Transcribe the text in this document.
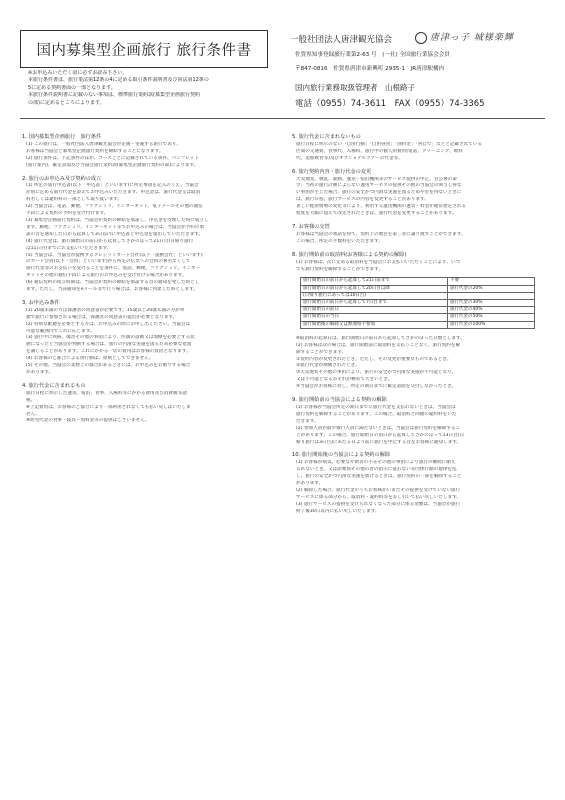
国内募集型企画旅行 旅行条件書
※お申込みいただく前に必ずお読み下さい。
本旅行条件書は、旅行業法第12条の4に定める取引条件説明書及び同法第12条の
5に定める契約書面の一部となります。
本旅行条件説明書に記載のない事項は、標準旅行業約款(募集型企画旅行契約
の部)に定めるところによります。
一般社団法人唐津観光協会	唐津っ子 城様楽輝
佐賀県知事登録旅行業第2-63 号　(一社) 全国旅行業協会会員
〒847-0816　佐賀県唐津市新興町 2935-1　JR唐津駅構内
国内旅行業務取扱管理者　山根路子
電話（0955）74-3611　FAX（0955）74-3365
1. 国内募集型企画旅行　旅行条件
(1) この旅行は、一般社団法人唐津観光協会が企画・実施する旅行であり、
お客様は当協会と募集型企画旅行契約を締結することになります。
(2) 旅行条件は、下記条件のほか、コースごとに記載されている条件、パンフレット
(旅行案内)、確定書面及び当協会旅行業約款(募集型企画旅行契約の部)によります。
2. 旅行のお申込み及び契約の成立
(1) 所定の旅行申込書(以下「申込書」といいます)に所定事項を記入のうえ、当協会
が別に定める旅行代金を添えてお申込みいただきます。申込金は、旅行代金又は取消
料若しくは違約料の一部として取り扱います。
(2) 当協会は、電話、郵便、ファクシミリ、インターネット、電子メールその他の通信
手段による契約の予約を受け付けます。
(3) 募集型企画旅行契約は、当協会が契約の締結を承諾し、申込金を受理した時に成立し
ます。郵便、ファクシミリ、インターネット等でお申込みの場合は、当協会が予約の承
諾の旨を通知した日から起算して3日以内に申込書と申込金を提出していただきます。
(4) 旅行代金は、旅行開始日の前日から起算してさかのぼって21日目(日帰り旅行
は11日目)までにお支払いいただきます。
(5) 当協会は、当協会が提携するクレジットカード会社(以下「提携会社」といいます)
のカード会員(以下「会員」といいます)から所定の伝票への会員の署名なくして
旅行代金等のお支払いを受けることを条件に、電話、郵便、ファクシミリ、インター
ネットその他の通信手段による旅行のお申込みを受け付ける場合があります。
(6) 通信契約の成立時期は、当協会が契約の締結を承諾する旨の通知を発した時とし
ます。ただし、当該通知をeメール等で行う場合は、お客様に到達した時とします。
3. お申込み条件
(1) 20歳未満の方は保護者の同意書が必要です。15歳以上20歳未満の方が単
独で旅行に参加される場合は、保護者の同意書の提出が必要となります。
(2) 特別な配慮を必要とする方は、お申込みの際にお申し出ください。当協会は
可能な範囲内でこれに応じます。
(3) 旅行中に疾病、傷害その他の事由により、医師の診断又は加療を必要とする状
態になったと当協会が判断する場合は、旅行の円滑な実施を図るため必要な措置
を講じることがあります。これにかかる一切の費用はお客様の負担となります。
(4) お客様のご都合による別行動は、原則としてできません。
(5) その他、当協会の業務上の都合があるときには、お申込みをお断りする場合
があります。
4. 旅行代金に含まれるもの
旅行日程に明示した運送、宿泊、食事、入場料等にかかる費用及び消費税等諸
税。
※上記費用は、お客様のご都合により一部利用されなくても払い戻しはいたしま
せん。
※幼児代金の食事・寝具・別料金等の提供はございません。
5. 旅行代金に含まれないもの
旅行日程に明示のない「自由行動」「自由昼食」「別料金」「各自で」などと記載されている
区間の交通費、食事代、入場料、旅行中の個人的費用(電話、クリーニング、飲料
代、追加飲食等)及びオプショナルツアーの代金等。
6. 旅行契約内容・旅行代金の変更
天災地変、戦乱、暴動、運送・宿泊機関等のサービス提供の中止、官公署の命
令、当初の運行計画によらない運送サービスの提供その他の当協会の関与し得な
い事由が生じた場合、旅行の安全かつ円滑な実施を図るためやむを得ないときに
は、旅行日程、旅行サービスの内容を変更することがあります。
著しい経済情勢の変化等により、利用する運送機関の運賃・料金が通常想定される
程度を大幅に超えて改定されたときは、旅行代金を変更することがあります。
7. お客様の交替
お客様は当協会の承諾を得て、契約上の地位を第三者に譲り渡すことができます。
この場合、所定の手数料をいただきます。
8. 旅行開始前の取消料(お客様による契約の解除)
(1) お客様は、次に定める取消料を当協会にお支払いいただくことにより、いつ
でも旅行契約を解除することができます。
旅行開始日の前日から起算して21日前まで	不要
旅行開始日の前日から起算して20日目以降	旅行代金の20%
(日帰り旅行にあっては10日目)	
旅行開始日の前日から起算して7日目まで	旅行代金の30%
旅行開始日の前日	旅行代金の40%
旅行開始日の当日	旅行代金の50%
旅行開始後の解除又は無連絡不参加	旅行代金の100%
※取消料の起算日は、旅行開始日の前日から起算してさかのぼった日数とします。
(2) お客様は次の場合は、旅行開始前に取消料を支払うことなく、旅行契約を解
除することができます。
①契約内容が変更されたとき。ただし、その変更が重要なものであるとき。
②旅行代金が増額されたとき。
③天災地変その他の事由により、旅行の安全かつ円滑な実施が不可能となり、
又は不可能となるおそれが極めて大きいとき。
④当協会がお客様に対し、所定の期日までに確定書面を交付しなかったとき。
9. 旅行開始前の当協会による契約の解除
(1) お客様が当協会所定の期日までに旅行代金を支払わないときは、当協会は
旅行契約を解除することがあります。この場合、取消料と同額の違約料をいた
だきます。
(2) 参加人員が最少催行人員に満たないときは、当協会は旅行契約を解除するこ
とがあります。この場合、旅行開始日の前日から起算してさかのぼって13日目(日
帰り旅行は3日目)にあたる日より前に旅行を中止する旨をお客様に通知します。
10. 旅行開始後の当協会による契約の解除
(1) お客様が病気、必要な介助者の不在その他の事由により旅行の継続に耐え
られないとき、又は添乗員その他の者の指示に従わない等団体行動の規律を乱
し、旅行の安全かつ円滑な実施を妨げるときは、旅行契約の一部を解除すること
があります。
(2) 解除した場合、旅行代金のうちお客様がいまだその提供を受けていない旅行
サービスに係る部分から、取消料・違約料等を差し引いて払い戻しいたします。
(3) 旅行サービスの提供を受けられなくなった部分に係る金額は、当協会が旅行
終了後30日以内に払い戻しいたします。
